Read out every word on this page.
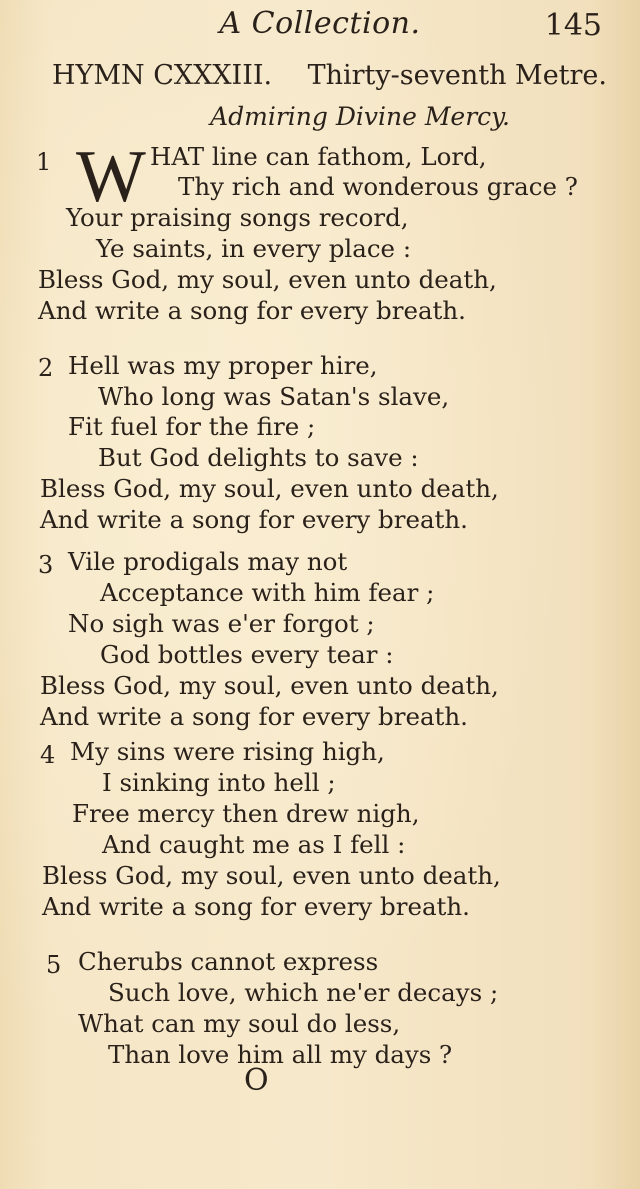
A Collection.	145
HYMN CXXXIII. Thirty-seventh Metre.
Admiring Divine Mercy.
1 W HAT line can fathom, Lord,
Thy rich and wonderous grace ?
Your praising songs record,
Ye saints, in every place :
Bless God, my soul, even unto death,
And write a song for every breath.
2 Hell was my proper hire,
Who long was Satan's slave,
Fit fuel for the fire ;
But God delights to save :
Bless God, my soul, even unto death,
And write a song for every breath.
3 Vile prodigals may not
Acceptance with him fear ;
No sigh was e'er forgot ;
God bottles every tear :
Bless God, my soul, even unto death,
And write a song for every breath.
4 My sins were rising high,
I sinking into hell ;
Free mercy then drew nigh,
And caught me as I fell :
Bless God, my soul, even unto death,
And write a song for every breath.
5 Cherubs cannot express
Such love, which ne'er decays ;
What can my soul do less,
Than love him all my days ?
O
